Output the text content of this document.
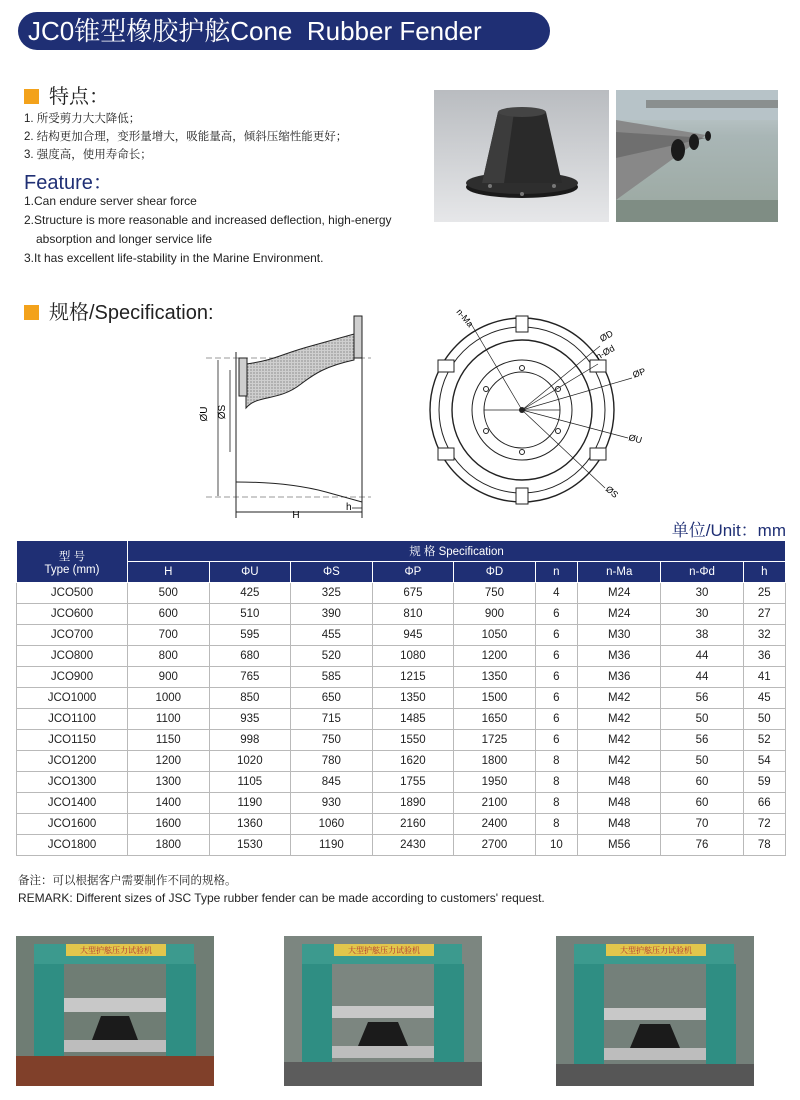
JC0锥型橡胶护舷Cone  Rubber Fender
特点：
1. 所受剪力大大降低；
2. 结构更加合理，变形量增大，吸能量高，倾斜压缩性能更好；
3. 强度高，使用寿命长；
Feature：
1.Can endure server shear force
2.Structure is more reasonable and increased deflection, high-energy
absorption and longer service life
3.It has excellent life-stability in the Marine Environment.
规格/Specification:
ØU ØS
H
h
n-Ma
ØD
n-Ød
ØP
ØU
ØS
单位/Unit：mm
型 号
Type (mm)	规 格 Specification								
	H	ΦU	ΦS	ΦP	ΦD	n	n-Ma	n-Φd	h
JCO500	500	425	325	675	750	4	M24	30	25
JCO600	600	510	390	810	900	6	M24	30	27
JCO700	700	595	455	945	1050	6	M30	38	32
JCO800	800	680	520	1080	1200	6	M36	44	36
JCO900	900	765	585	1215	1350	6	M36	44	41
JCO1000	1000	850	650	1350	1500	6	M42	56	45
JCO1100	1100	935	715	1485	1650	6	M42	50	50
JCO1150	1150	998	750	1550	1725	6	M42	56	52
JCO1200	1200	1020	780	1620	1800	8	M42	50	54
JCO1300	1300	1105	845	1755	1950	8	M48	60	59
JCO1400	1400	1190	930	1890	2100	8	M48	60	66
JCO1600	1600	1360	1060	2160	2400	8	M48	70	72
JCO1800	1800	1530	1190	2430	2700	10	M56	76	78
备注：可以根据客户需要制作不同的规格。
REMARK: Different sizes of JSC Type rubber fender can be made according to customers' request.
大型护舷压力试验机	大型护舷压力试验机	大型护舷压力试验机
